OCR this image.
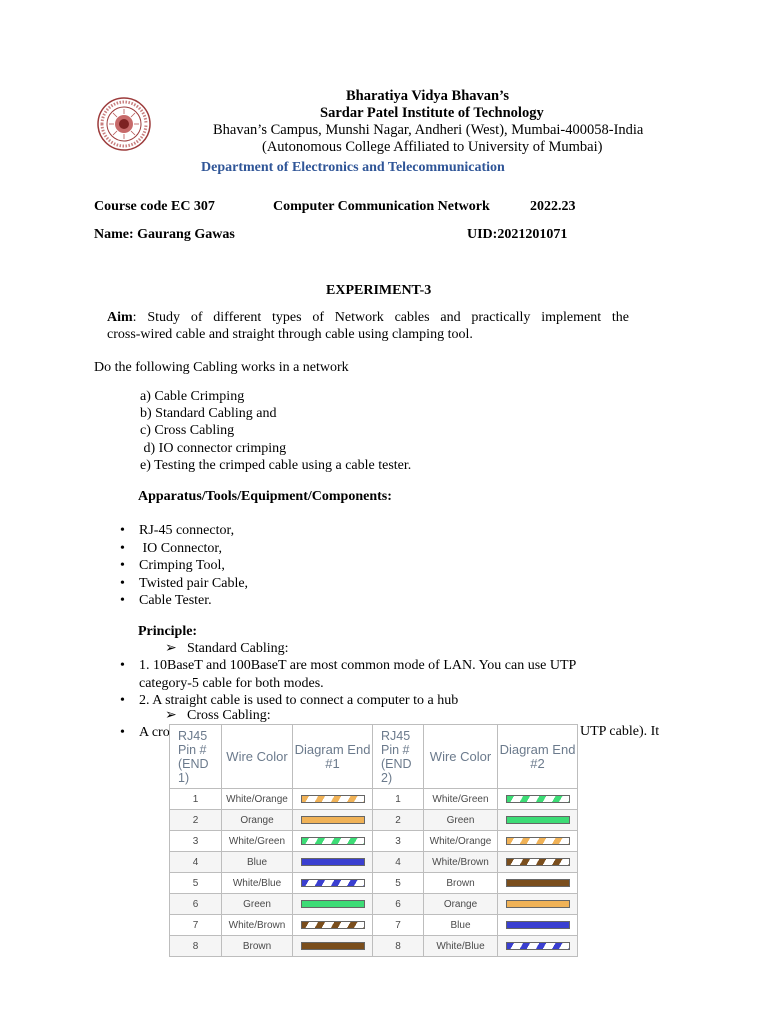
Bharatiya Vidya Bhavan’s
Sardar Patel Institute of Technology
Bhavan’s Campus, Munshi Nagar, Andheri (West), Mumbai-400058-India
(Autonomous College Affiliated to University of Mumbai)
Department of Electronics and Telecommunication
Course code EC 307	Computer Communication Network	2022.23
Name: Gaurang Gawas	UID:2021201071
EXPERIMENT-3
Aim: Study of different types of Network cables and practically implement the
cross-wired cable and straight through cable using clamping tool.
Do the following Cabling works in a network
a) Cable Crimping
b) Standard Cabling and
c) Cross Cabling
d) IO connector crimping
e) Testing the crimped cable using a cable tester.
Apparatus/Tools/Equipment/Components:
• RJ-45 connector,
•  IO Connector,
• Crimping Tool,
• Twisted pair Cable,
• Cable Tester.
Principle:
➢ Standard Cabling:
• 1. 10BaseT and 100BaseT are most common mode of LAN. You can use UTP
category-5 cable for both modes.
• 2. A straight cable is used to connect a computer to a hub
➢ Cross Cabling:
• A cro	UTP cable). It
RJ45 Pin # (END 1)	Wire Color	Diagram End #1	RJ45 Pin # (END 2)	Wire Color	Diagram End #2
1	White/Orange		1	White/Green	
2	Orange		2	Green	
3	White/Green		3	White/Orange	
4	Blue		4	White/Brown	
5	White/Blue		5	Brown	
6	Green		6	Orange	
7	White/Brown		7	Blue	
8	Brown		8	White/Blue	
